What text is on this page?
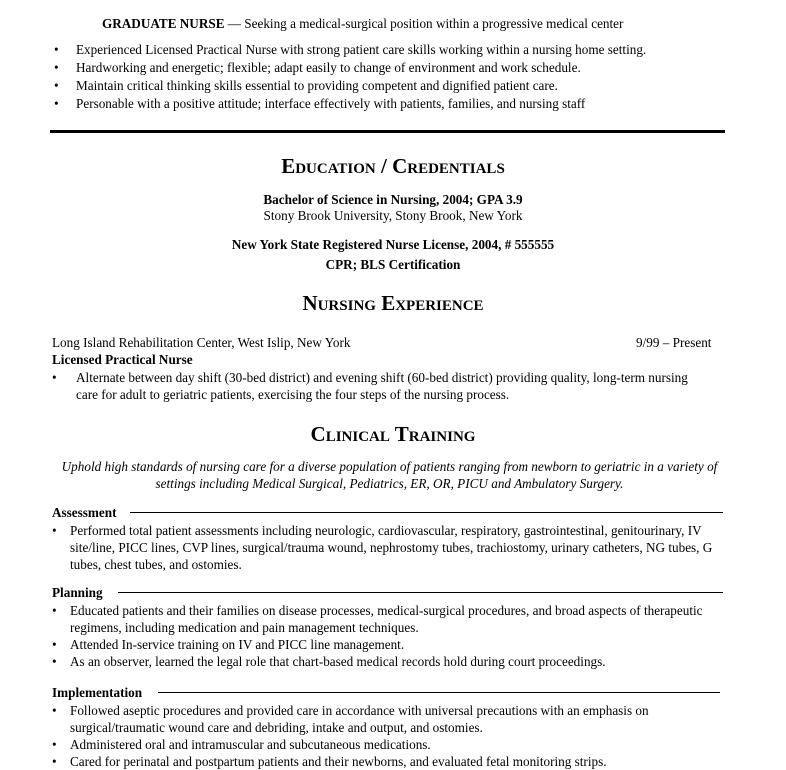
GRADUATE NURSE — Seeking a medical-surgical position within a progressive medical center
• Experienced Licensed Practical Nurse with strong patient care skills working within a nursing home setting.
• Hardworking and energetic; flexible; adapt easily to change of environment and work schedule.
• Maintain critical thinking skills essential to providing competent and dignified patient care.
• Personable with a positive attitude; interface effectively with patients, families, and nursing staff
Education / Credentials
Bachelor of Science in Nursing, 2004; GPA 3.9
Stony Brook University, Stony Brook, New York
New York State Registered Nurse License, 2004, # 555555
CPR; BLS Certification
Nursing Experience
Long Island Rehabilitation Center, West Islip, New York	9/99 – Present
Licensed Practical Nurse
• Alternate between day shift (30-bed district) and evening shift (60-bed district) providing quality, long-term nursing care for adult to geriatric patients, exercising the four steps of the nursing process.
Clinical Training
Uphold high standards of nursing care for a diverse population of patients ranging from newborn to geriatric in a variety of settings including Medical Surgical, Pediatrics, ER, OR, PICU and Ambulatory Surgery.
Assessment
• Performed total patient assessments including neurologic, cardiovascular, respiratory, gastrointestinal, genitourinary, IV site/line, PICC lines, CVP lines, surgical/trauma wound, nephrostomy tubes, trachiostomy, urinary catheters, NG tubes, G tubes, chest tubes, and ostomies.
Planning
• Educated patients and their families on disease processes, medical-surgical procedures, and broad aspects of therapeutic regimens, including medication and pain management techniques.
• Attended In-service training on IV and PICC line management.
• As an observer, learned the legal role that chart-based medical records hold during court proceedings.
Implementation
• Followed aseptic procedures and provided care in accordance with universal precautions with an emphasis on surgical/traumatic wound care and debriding, intake and output, and ostomies.
• Administered oral and intramuscular and subcutaneous medications.
• Cared for perinatal and postpartum patients and their newborns, and evaluated fetal monitoring strips.
